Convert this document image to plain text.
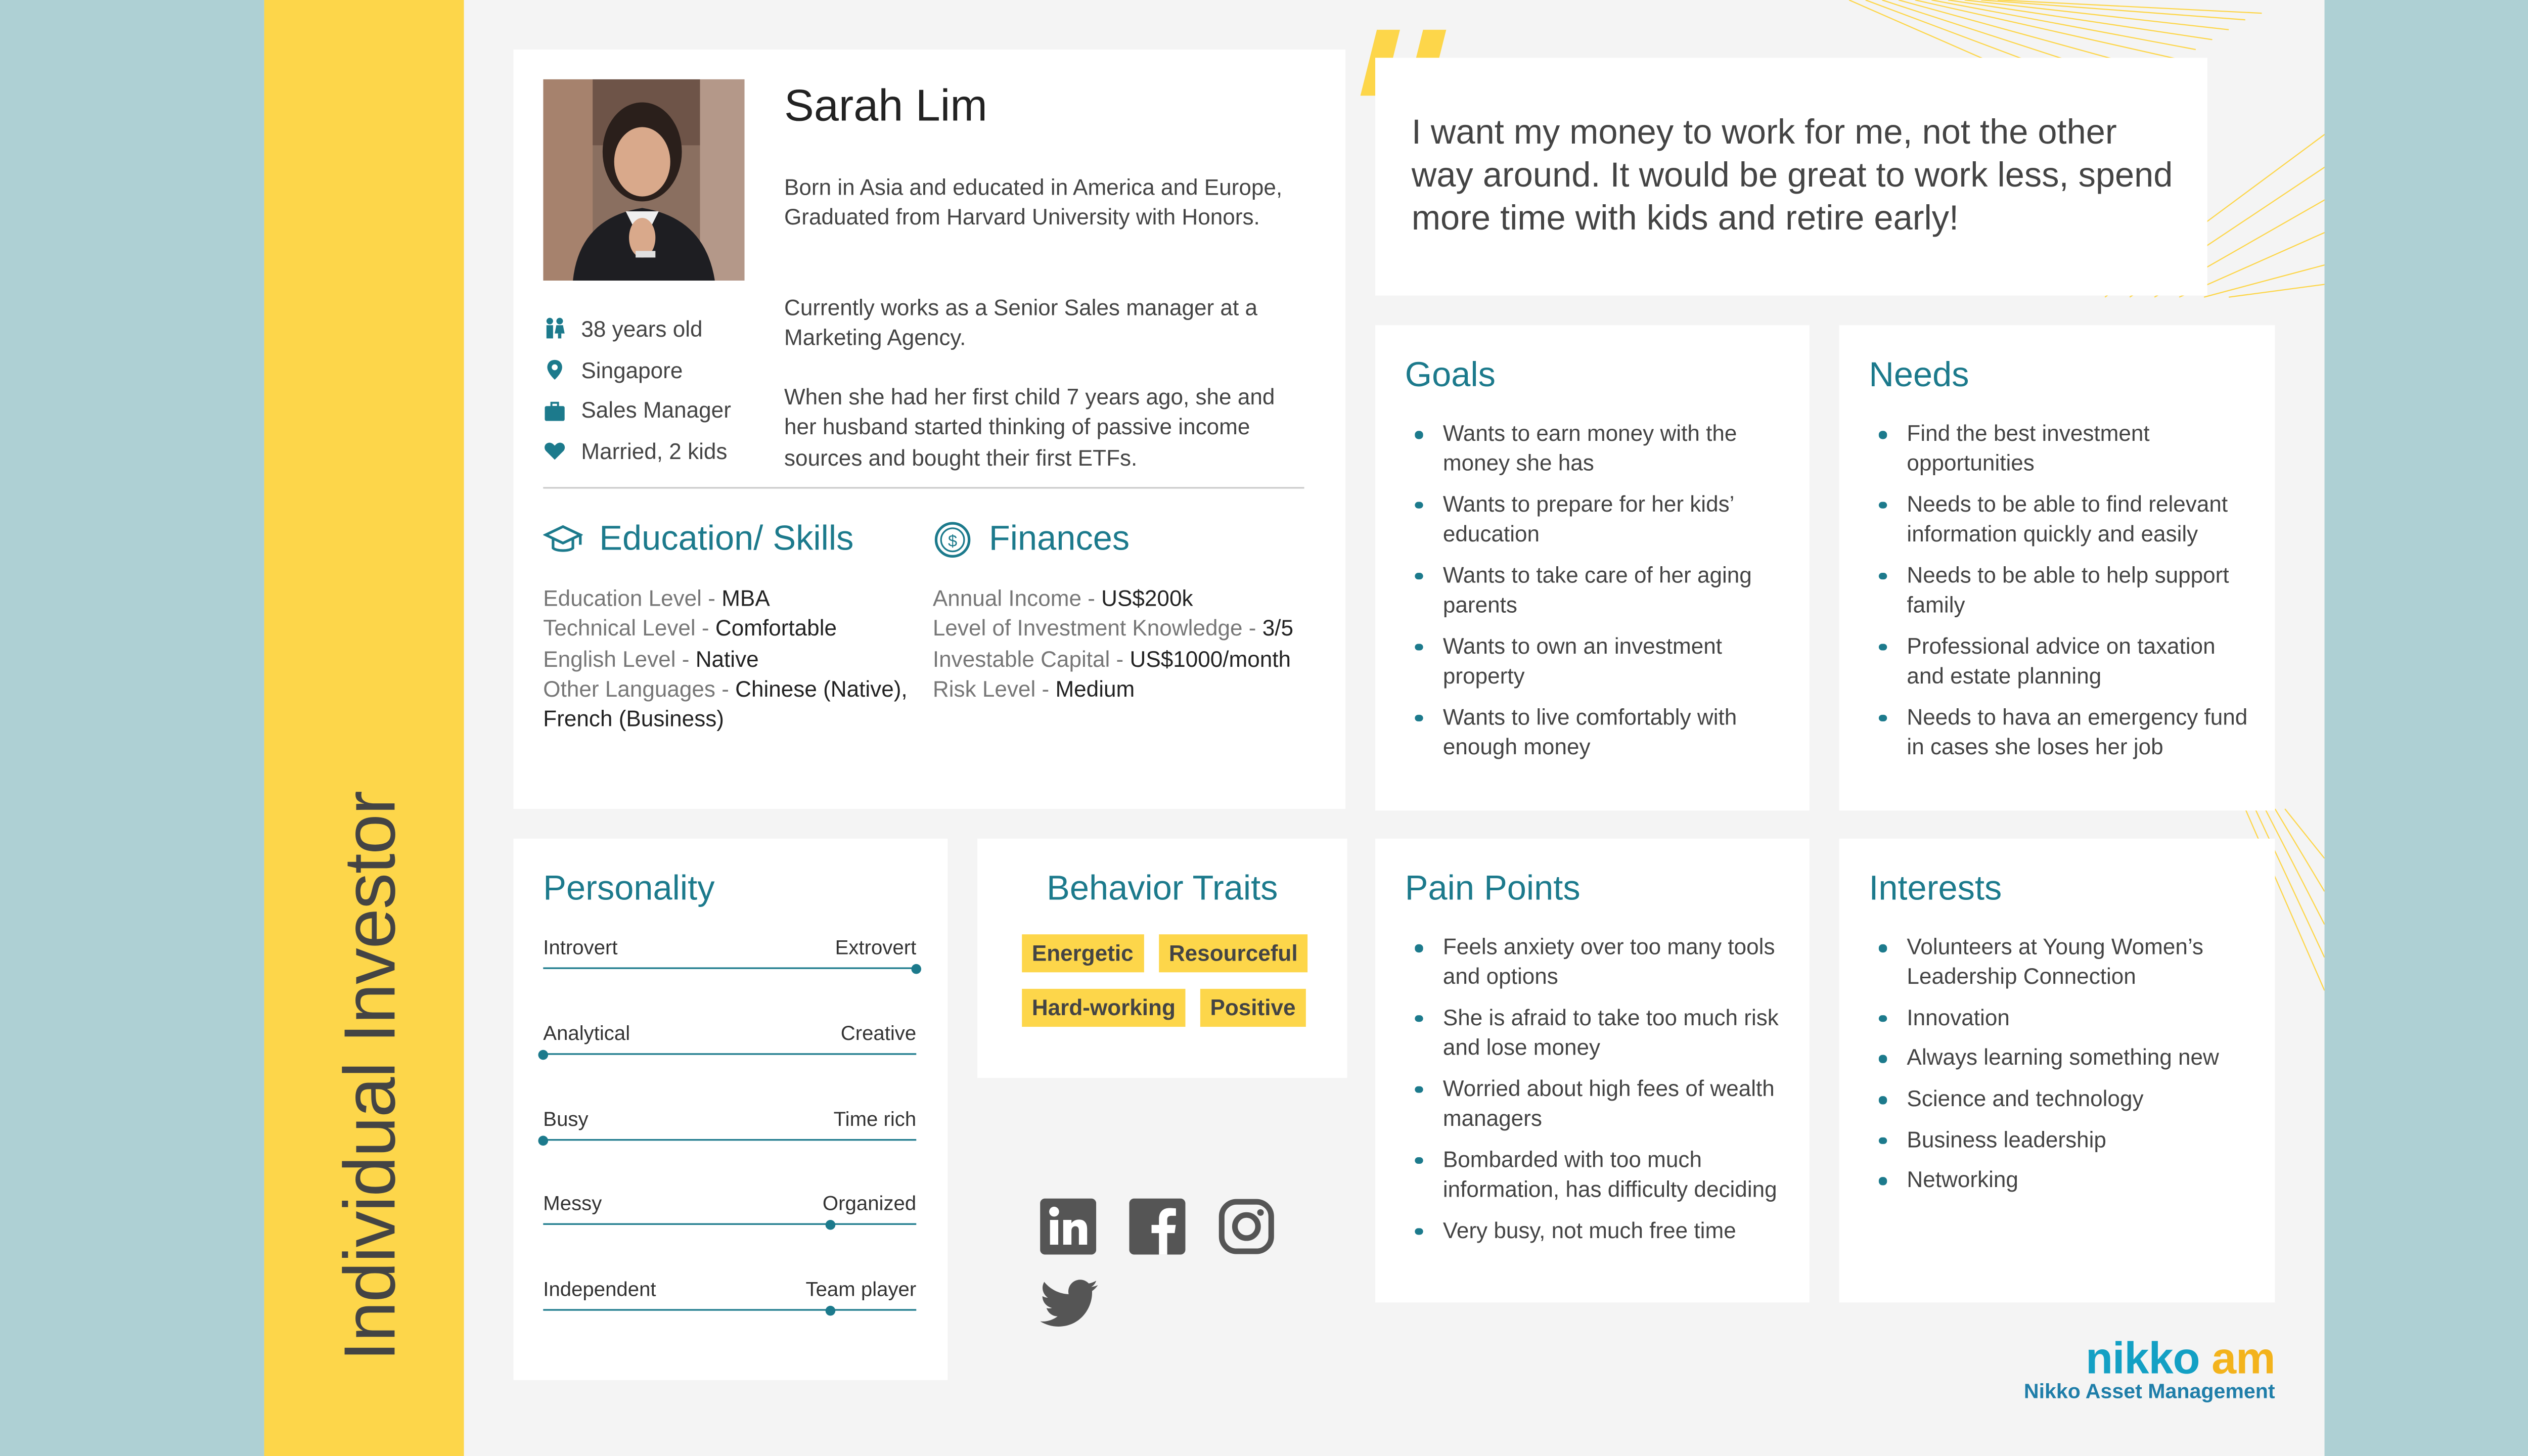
Individual Investor
Sarah Lim
Born in Asia and educated in America and Europe, Graduated from Harvard University with Honors.
Currently works as a Senior Sales manager at a Marketing Agency.
When she had her first child 7 years ago, she and her husband started thinking of passive income sources and bought their first ETFs.
38 years old
Singapore
Sales Manager
Married, 2 kids
Education/ Skills
Education Level - MBA
Technical Level - Comfortable
English Level - Native
Other Languages - Chinese (Native), French (Business)
$	Finances
Annual Income - US$200k
Level of Investment Knowledge - 3/5
Investable Capital - US$1000/month
Risk Level - Medium
I want my money to work for me, not the other way around. It would be great to work less, spend more time with kids and retire early!
Goals
Wants to earn money with the money she has
Wants to prepare for her kids’ education
Wants to take care of her aging parents
Wants to own an investment property
Wants to live comfortably with enough money
Needs
Find the best investment opportunities
Needs to be able to find relevant information quickly and easily
Needs to be able to help support family
Professional advice on taxation and estate planning
Needs to hava an emergency fund in cases she loses her job
Personality
Introvert	Extrovert
Analytical	Creative
Busy	Time rich
Messy	Organized
Independent	Team player
Behavior Traits
Energetic	Resourceful
Hard-working	Positive
Pain Points
Feels anxiety over too many tools and options
She is afraid to take too much risk and lose money
Worried about high fees of wealth managers
Bombarded with too much information, has difficulty deciding
Very busy, not much free time
Interests
Volunteers at Young Women’s Leadership Connection
Innovation
Always learning something new
Science and technology
Business leadership
Networking
nikko am
Nikko Asset Management
